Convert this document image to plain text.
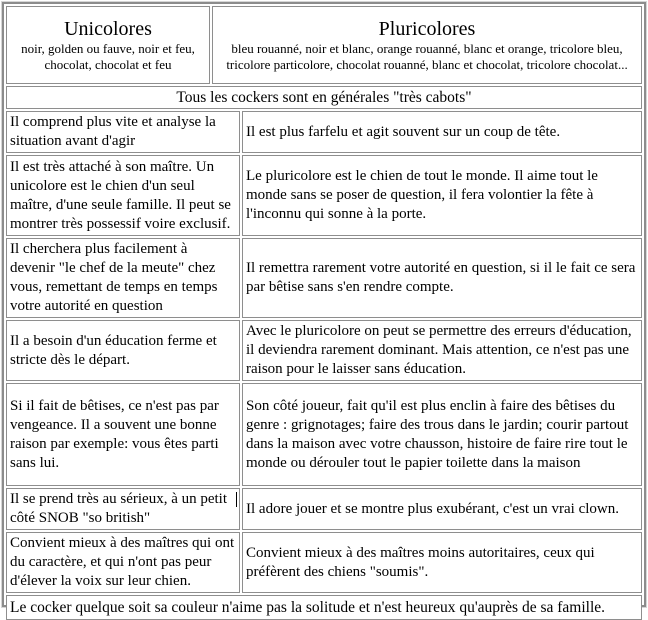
Unicolores
noir, golden ou fauve, noir et feu, chocolat, chocolat et feu
Pluricolores
bleu rouanné, noir et blanc, orange rouanné, blanc et orange, tricolore bleu, tricolore particolore, chocolat rouanné, blanc et chocolat, tricolore chocolat...
Tous les cockers sont en générales "très cabots"
Il comprend plus vite et analyse la situation avant d'agir
Il est plus farfelu et agit souvent sur un coup de tête.
Il est très attaché à son maître. Un unicolore est le chien d'un seul maître, d'une seule famille. Il peut se montrer très possessif voire exclusif.
Le pluricolore est le chien de tout le monde. Il aime tout le monde sans se poser de question, il fera volontier la fête à l'inconnu qui sonne à la porte.
Il cherchera plus facilement à devenir "le chef de la meute" chez vous, remettant de temps en temps votre autorité en question
Il remettra rarement votre autorité en question, si il le fait ce sera par bêtise sans s'en rendre compte.
Il a besoin d'un éducation ferme et stricte dès le départ.
Avec le pluricolore on peut se permettre des erreurs d'éducation, il deviendra rarement dominant. Mais attention, ce n'est pas une raison pour le laisser sans éducation.
Si il fait de bêtises, ce n'est pas par vengeance. Il a souvent une bonne raison par exemple: vous êtes parti sans lui.
Son côté joueur, fait qu'il est plus enclin à faire des bêtises du genre : grignotages; faire des trous dans le jardin; courir partout dans la maison avec votre chausson, histoire de faire rire tout le monde ou dérouler tout le papier toilette dans la maison
Il se prend très au sérieux, à un petit côté SNOB "so british"
Il adore jouer et se montre plus exubérant, c'est un vrai clown.
Convient mieux à des maîtres qui ont du caractère, et qui n'ont pas peur d'élever la voix sur leur chien.
Convient mieux à des maîtres moins autoritaires, ceux qui préfèrent des chiens "soumis".
Le cocker quelque soit sa couleur n'aime pas la solitude et n'est heureux qu'auprès de sa famille.
